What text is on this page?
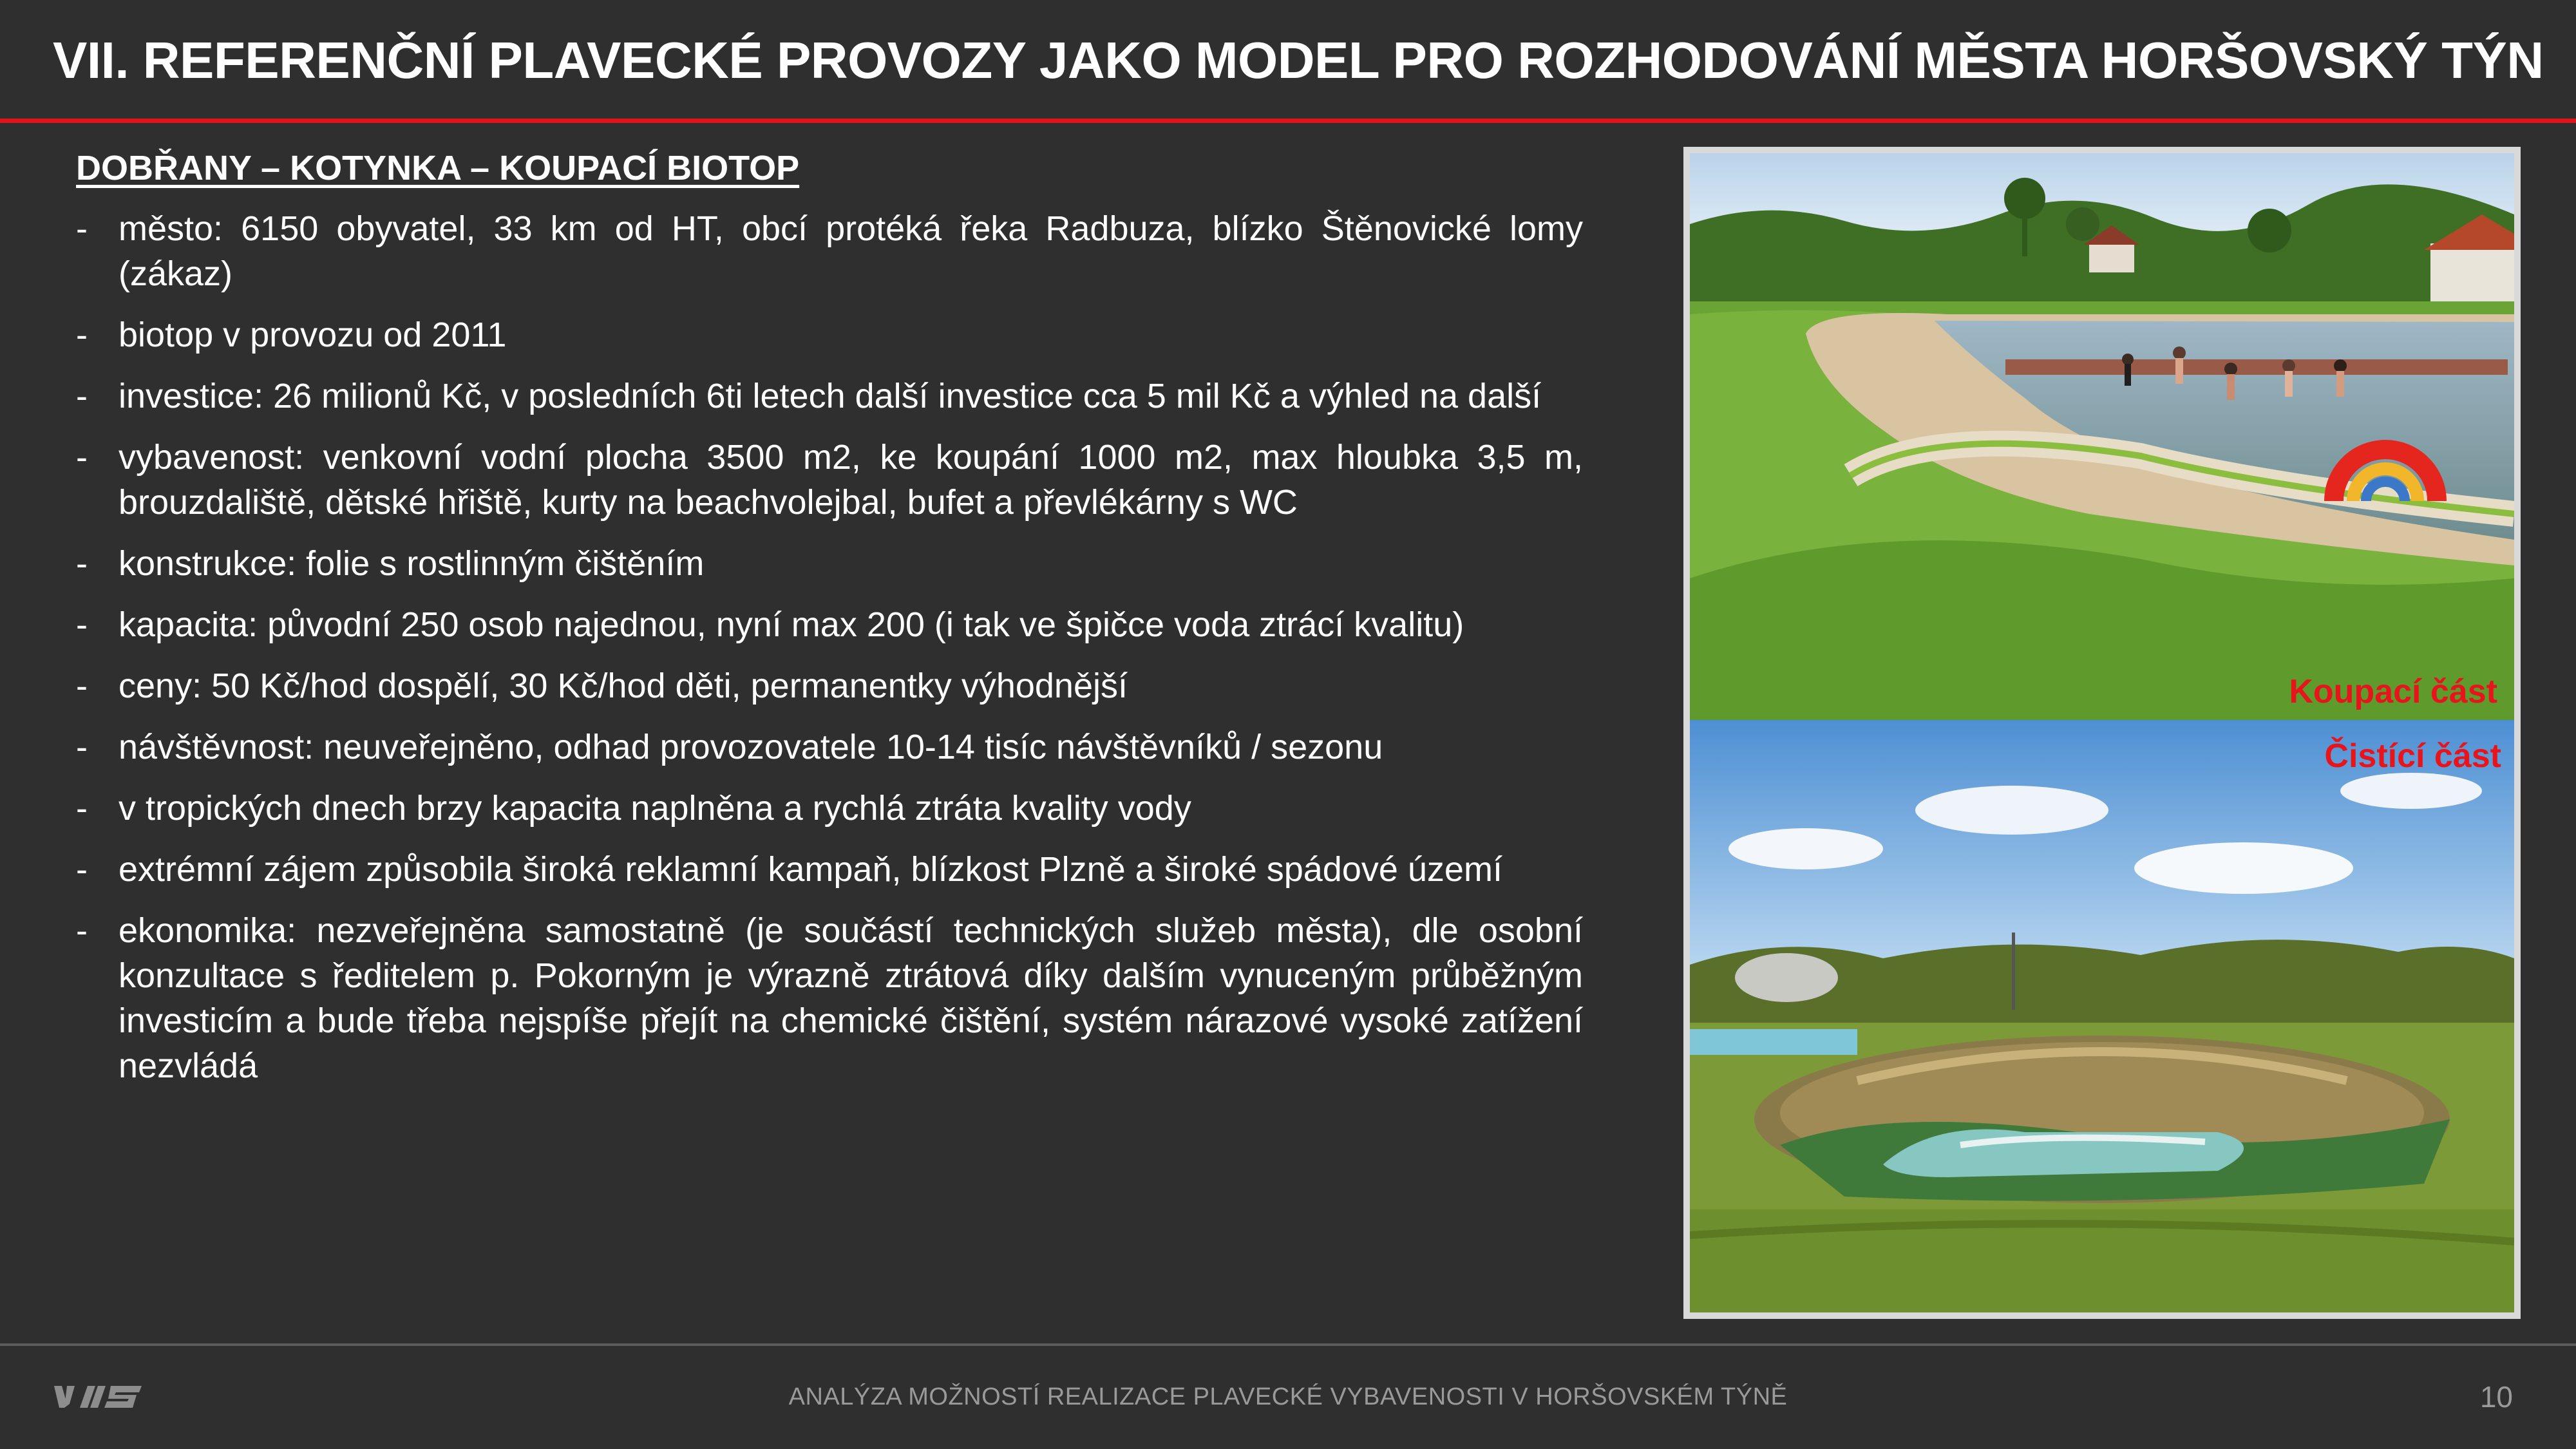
VII. REFERENČNÍ PLAVECKÉ PROVOZY JAKO MODEL PRO ROZHODOVÁNÍ MĚSTA HORŠOVSKÝ TÝN
DOBŘANY – KOTYNKA – KOUPACÍ BIOTOP
- město: 6150 obyvatel, 33 km od HT, obcí protéká řeka Radbuza, blízko Štěnovické lomy (zákaz)
- biotop v provozu od 2011
- investice: 26 milionů Kč, v posledních 6ti letech další investice cca 5 mil Kč a výhled na další
- vybavenost: venkovní vodní plocha 3500 m2, ke koupání 1000 m2, max hloubka 3,5 m, brouzdaliště, dětské hřiště, kurty na beachvolejbal, bufet a převlékárny s WC
- konstrukce: folie s rostlinným čištěním
- kapacita: původní 250 osob najednou, nyní max 200 (i tak ve špičce voda ztrácí kvalitu)
- ceny: 50 Kč/hod dospělí, 30 Kč/hod děti, permanentky výhodnější
- návštěvnost: neuveřejněno, odhad provozovatele 10-14 tisíc návštěvníků / sezonu
- v tropických dnech brzy kapacita naplněna a rychlá ztráta kvality vody
- extrémní zájem způsobila široká reklamní kampaň, blízkost Plzně a široké spádové území
- ekonomika: nezveřejněna samostatně (je součástí technických služeb města), dle osobní konzultace s ředitelem p. Pokorným je výrazně ztrátová díky dalším vynuceným průběžným investicím a bude třeba nejspíše přejít na chemické čištění, systém nárazové vysoké zatížení nezvládá
Koupací část
Čistící část
ANALÝZA MOŽNOSTÍ REALIZACE PLAVECKÉ VYBAVENOSTI V HORŠOVSKÉM TÝNĚ	10
